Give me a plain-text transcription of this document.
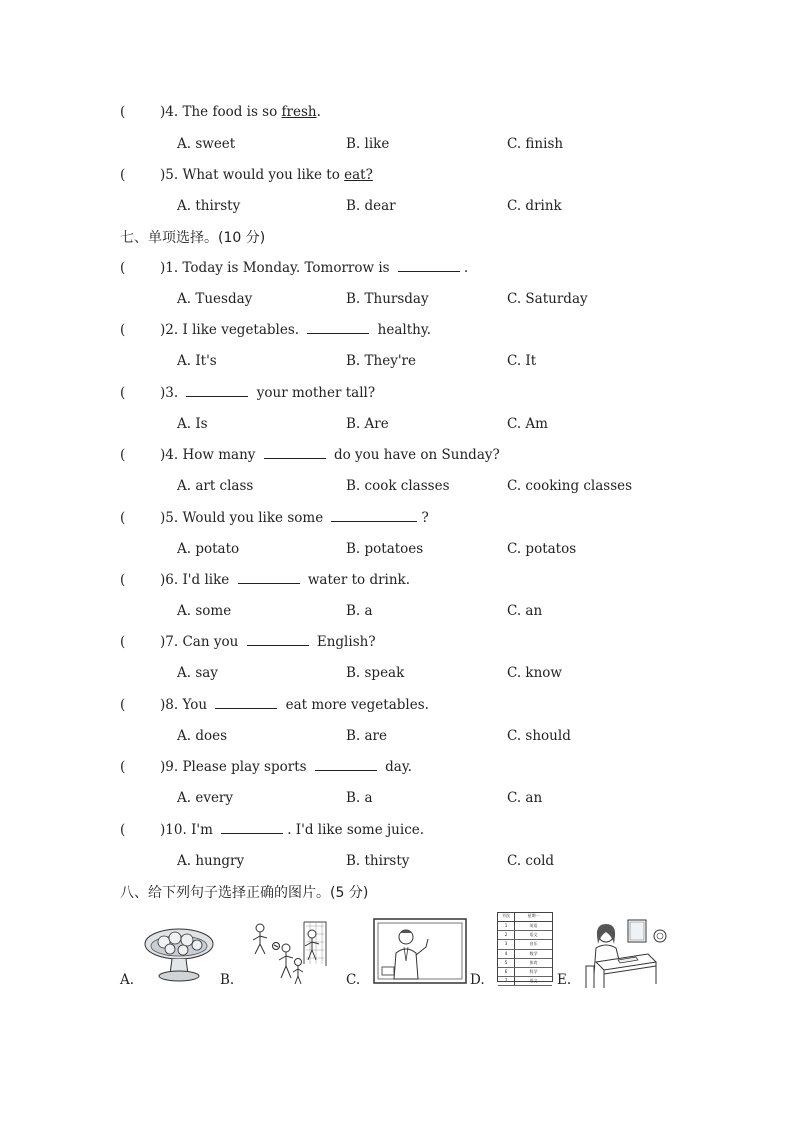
(	)4. The food is so fresh.
A. sweet	B. like	C. finish
(	)5. What would you like to eat?
A. thirsty	B. dear	C. drink
七、单项选择。(10 分)
(	)1. Today is Monday. Tomorrow is	.
A. Tuesday	B. Thursday	C. Saturday
(	)2. I like vegetables.	healthy.
A. It's	B. They're	C. It
(	)3.	your mother tall?
A. Is	B. Are	C. Am
(	)4. How many	do you have on Sunday?
A. art class	B. cook classes	C. cooking classes
(	)5. Would you like some	?
A. potato	B. potatoes	C. potatos
(	)6. I'd like	water to drink.
A. some	B. a	C. an
(	)7. Can you	English?
A. say	B. speak	C. know
(	)8. You	eat more vegetables.
A. does	B. are	C. should
(	)9. Please play sports	day.
A. every	B. a	C. an
(	)10. I'm	. I'd like some juice.
A. hungry	B. thirsty	C. cold
八、给下列句子选择正确的图片。(5 分)
A.	B.	C.	D.
节次	星期一
1	英语
2	语文
3	音乐
4	数学
5	体育
6	科学
7	语文	E.
